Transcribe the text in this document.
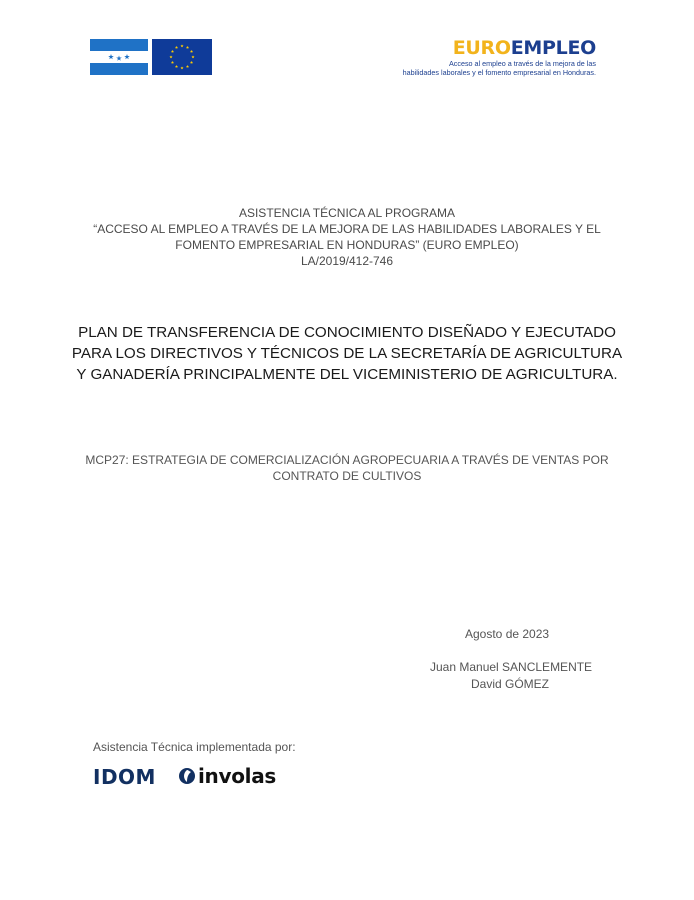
EUROEMPLEO
Acceso al empleo a través de la mejora de las
habilidades laborales y el fomento empresarial en Honduras.
ASISTENCIA TÉCNICA AL PROGRAMA
“ACCESO AL EMPLEO A TRAVÉS DE LA MEJORA DE LAS HABILIDADES LABORALES Y EL
FOMENTO EMPRESARIAL EN HONDURAS” (EURO EMPLEO)
LA/2019/412-746
PLAN DE TRANSFERENCIA DE CONOCIMIENTO DISEÑADO Y EJECUTADO
PARA LOS DIRECTIVOS Y TÉCNICOS DE LA SECRETARÍA DE AGRICULTURA
Y GANADERÍA PRINCIPALMENTE DEL VICEMINISTERIO DE AGRICULTURA.
MCP27: ESTRATEGIA DE COMERCIALIZACIÓN AGROPECUARIA A TRAVÉS DE VENTAS POR
CONTRATO DE CULTIVOS
Agosto de 2023
Juan Manuel SANCLEMENTE
David GÓMEZ
Asistencia Técnica implementada por:
IDOM involas
